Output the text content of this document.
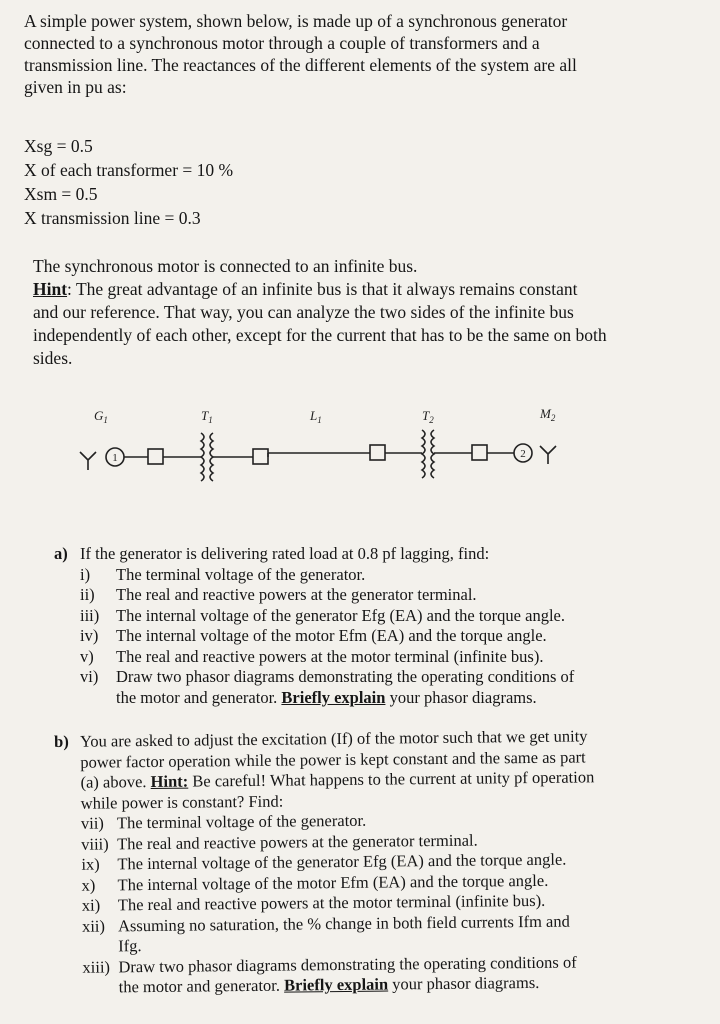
A simple power system, shown below, is made up of a synchronous generator
connected to a synchronous motor through a couple of transformers and a
transmission line. The reactances of the different elements of the system are all
given in pu as:
Xsg = 0.5
X of each transformer = 10 %
Xsm = 0.5
X transmission line = 0.3
The synchronous motor is connected to an infinite bus.
Hint: The great advantage of an infinite bus is that it always remains constant
and our reference. That way, you can analyze the two sides of the infinite bus
independently of each other, except for the current that has to be the same on both
sides.
$G_1$	$T_1$	$L_1$	$T_2$	$M_2$
1	2
a) If the generator is delivering rated load at 0.8 pf lagging, find:
i)	The terminal voltage of the generator.
ii)	The real and reactive powers at the generator terminal.
iii)	The internal voltage of the generator Efg (EA) and the torque angle.
iv)	The internal voltage of the motor Efm (EA) and the torque angle.
v)	The real and reactive powers at the motor terminal (infinite bus).
vi)	Draw two phasor diagrams demonstrating the operating conditions of
the motor and generator. Briefly explain your phasor diagrams.
b) You are asked to adjust the excitation (If) of the motor such that we get unity
power factor operation while the power is kept constant and the same as part
(a) above. Hint: Be careful! What happens to the current at unity pf operation
while power is constant? Find:
vii) The terminal voltage of the generator.
viii) The real and reactive powers at the generator terminal.
ix)	The internal voltage of the generator Efg (EA) and the torque angle.
x)	The internal voltage of the motor Efm (EA) and the torque angle.
xi)	The real and reactive powers at the motor terminal (infinite bus).
xii) Assuming no saturation, the % change in both field currents Ifm and
Ifg.
xiii) Draw two phasor diagrams demonstrating the operating conditions of
the motor and generator. Briefly explain your phasor diagrams.
